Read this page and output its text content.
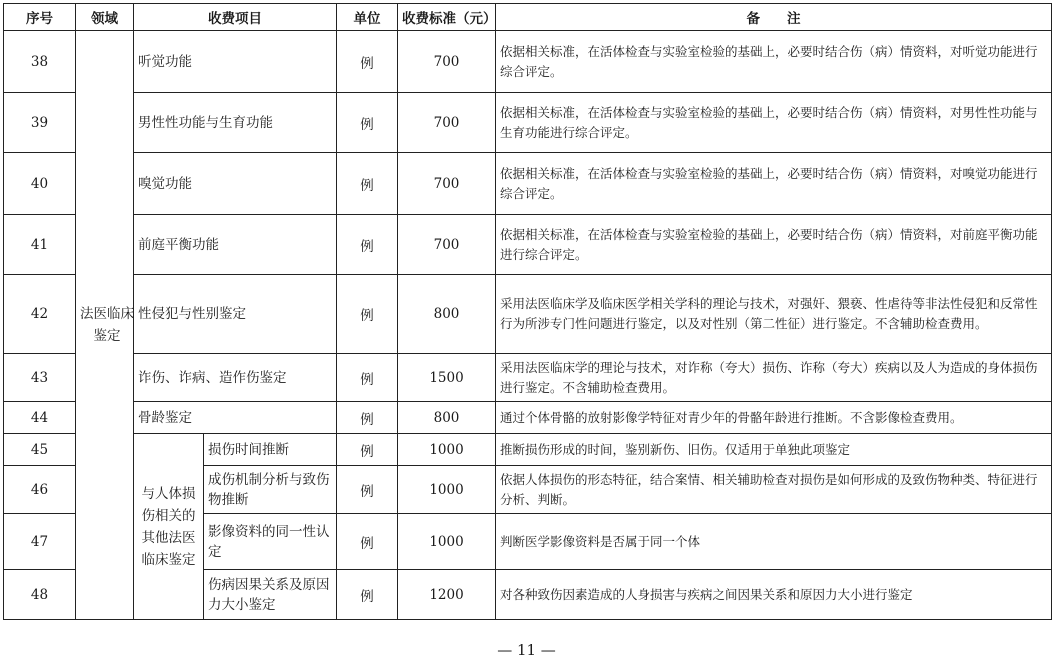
序号	领域	收费项目		单位	收费标准（元）	备　　注
38	法医临床鉴定	听觉功能		例	700	依据相关标准，在活体检查与实验室检验的基础上，必要时结合伤（病）情资料，对听觉功能进行综合评定。
39		男性性功能与生育功能		例	700	依据相关标准，在活体检查与实验室检验的基础上，必要时结合伤（病）情资料，对男性性功能与生育功能进行综合评定。
40		嗅觉功能		例	700	依据相关标准，在活体检查与实验室检验的基础上，必要时结合伤（病）情资料，对嗅觉功能进行综合评定。
41		前庭平衡功能		例	700	依据相关标准，在活体检查与实验室检验的基础上，必要时结合伤（病）情资料，对前庭平衡功能进行综合评定。
42		性侵犯与性别鉴定		例	800	采用法医临床学及临床医学相关学科的理论与技术，对强奸、猥亵、性虐待等非法性侵犯和反常性行为所涉专门性问题进行鉴定，以及对性别（第二性征）进行鉴定。不含辅助检查费用。
43		诈伤、诈病、造作伤鉴定		例	1500	采用法医临床学的理论与技术，对诈称（夸大）损伤、诈称（夸大）疾病以及人为造成的身体损伤进行鉴定。不含辅助检查费用。
44		骨龄鉴定		例	800	通过个体骨骼的放射影像学特征对青少年的骨骼年龄进行推断。不含影像检查费用。
45		与人体损伤相关的其他法医临床鉴定	损伤时间推断	例	1000	推断损伤形成的时间，鉴别新伤、旧伤。仅适用于单独此项鉴定
46			成伤机制分析与致伤物推断	例	1000	依据人体损伤的形态特征，结合案情、相关辅助检查对损伤是如何形成的及致伤物种类、特征进行分析、判断。
47			影像资料的同一性认定	例	1000	判断医学影像资料是否属于同一个体
48			伤病因果关系及原因力大小鉴定	例	1200	对各种致伤因素造成的人身损害与疾病之间因果关系和原因力大小进行鉴定
— 11 —
